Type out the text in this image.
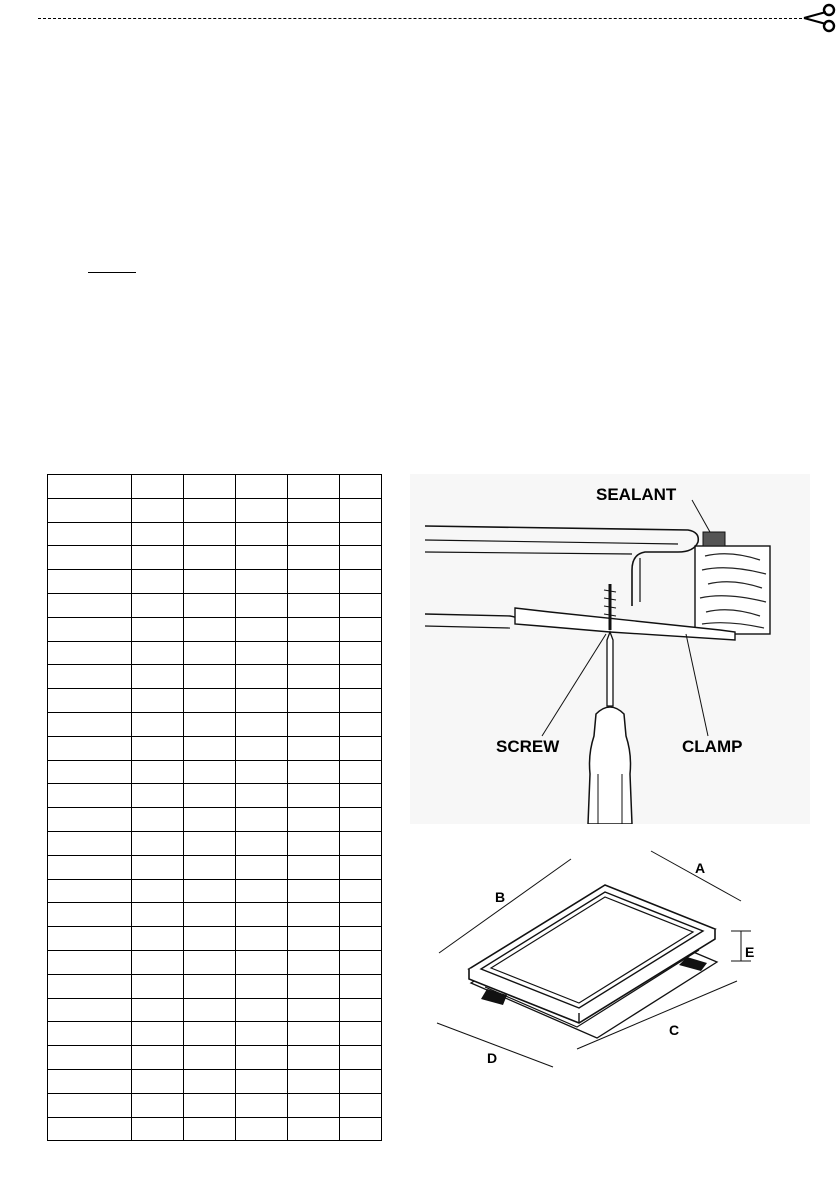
SEALANT
SCREW	CLAMP
B
A
E
C
D
